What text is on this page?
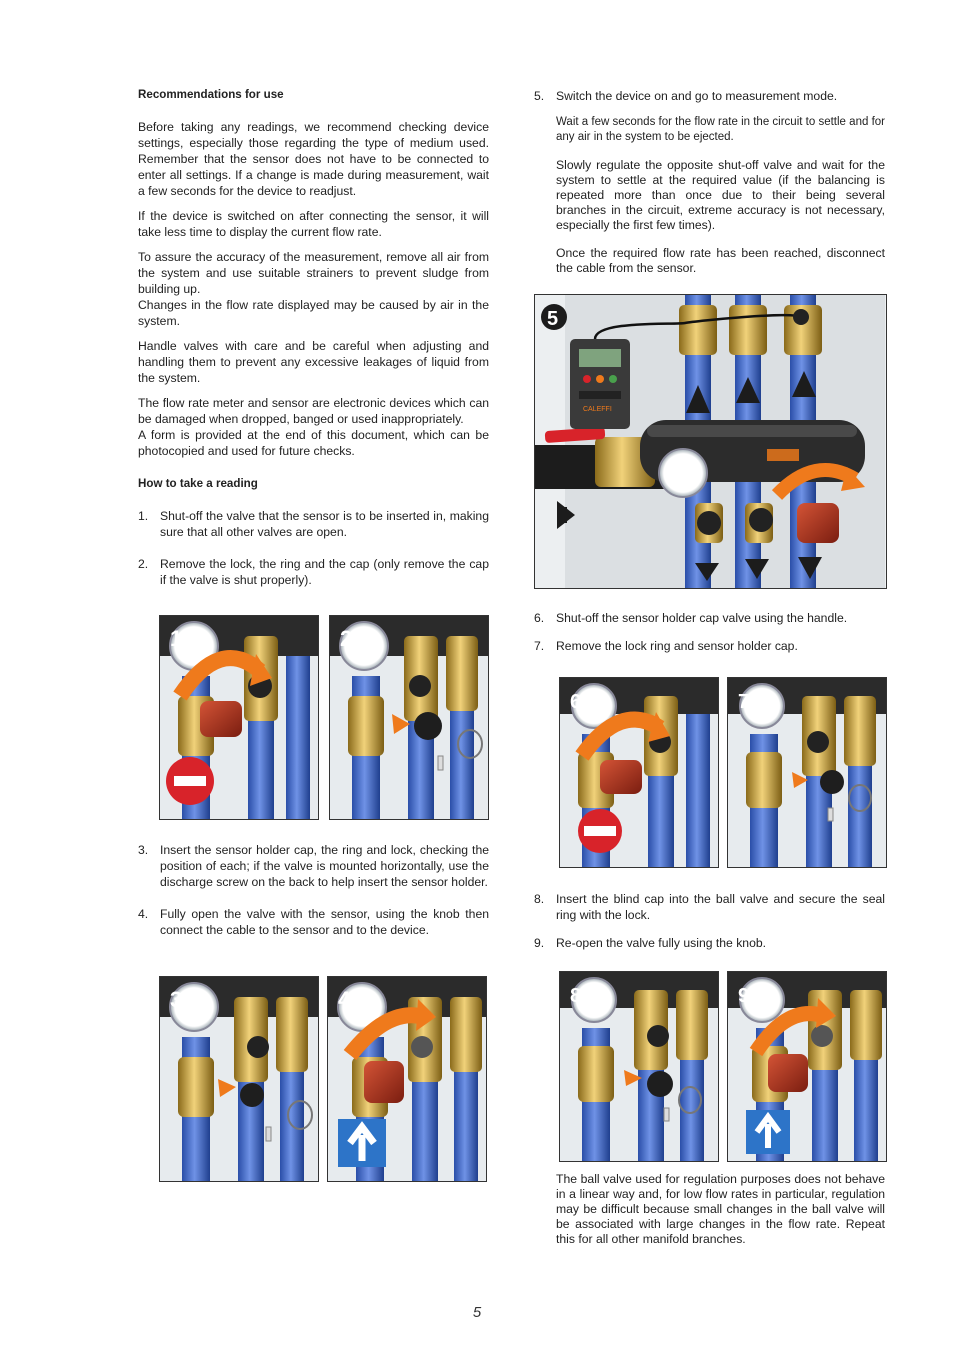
Recommendations for use

Before taking any readings, we recommend checking device settings, especially those regarding the type of medium used. Remember that the sensor does not have to be connected to enter all settings. If a change is made during measurement, wait a few seconds for the device to readjust.

If the device is switched on after connecting the sensor, it will take less time to display the current flow rate.

To assure the accuracy of the measurement, remove all air from the system and use suitable strainers to prevent sludge from building up.

Changes in the flow rate displayed may be caused by air in the system.

Handle valves with care and be careful when adjusting and handling them to prevent any excessive leakages of liquid from the system.

The flow rate meter and sensor are electronic devices which can be damaged when dropped, banged or used inappropriately.

A form is provided at the end of this document, which can be photocopied and used for future checks.

How to take a reading
1. Shut-off the valve that the sensor is to be inserted in, making sure that all other valves are open.
2. Remove the lock, the ring and the cap (only remove the cap if the valve is shut properly).
3. Insert the sensor holder cap, the ring and lock, checking the position of each; if the valve is mounted horizontally, use the discharge screw on the back to help insert the sensor holder.
4. Fully open the valve with the sensor, using the knob then connect the cable to the sensor and to the device.
5. Switch the device on and go to measurement mode.

Wait a few seconds for the flow rate in the circuit to settle and for any air in the system to be ejected.

Slowly regulate the opposite shut-off valve and wait for the system to settle at the required value (if the balancing is repeated more than once due to their being several branches in the circuit, extreme accuracy is not necessary, especially the first few times).

Once the required flow rate has been reached, disconnect the cable from the sensor.

6. Shut-off the sensor holder cap valve using the handle.
7. Remove the lock ring and sensor holder cap.
8. Insert the blind cap into the ball valve and secure the seal ring with the lock.
9. Re-open the valve fully using the knob.

The ball valve used for regulation purposes does not behave in a linear way and, for low flow rates in particular, regulation may be difficult because small changes in the ball valve will be associated with large changes in the flow rate. Repeat this for all other manifold branches.

1	2
3	4
CALEFFI
5
6	7
8	9
5
